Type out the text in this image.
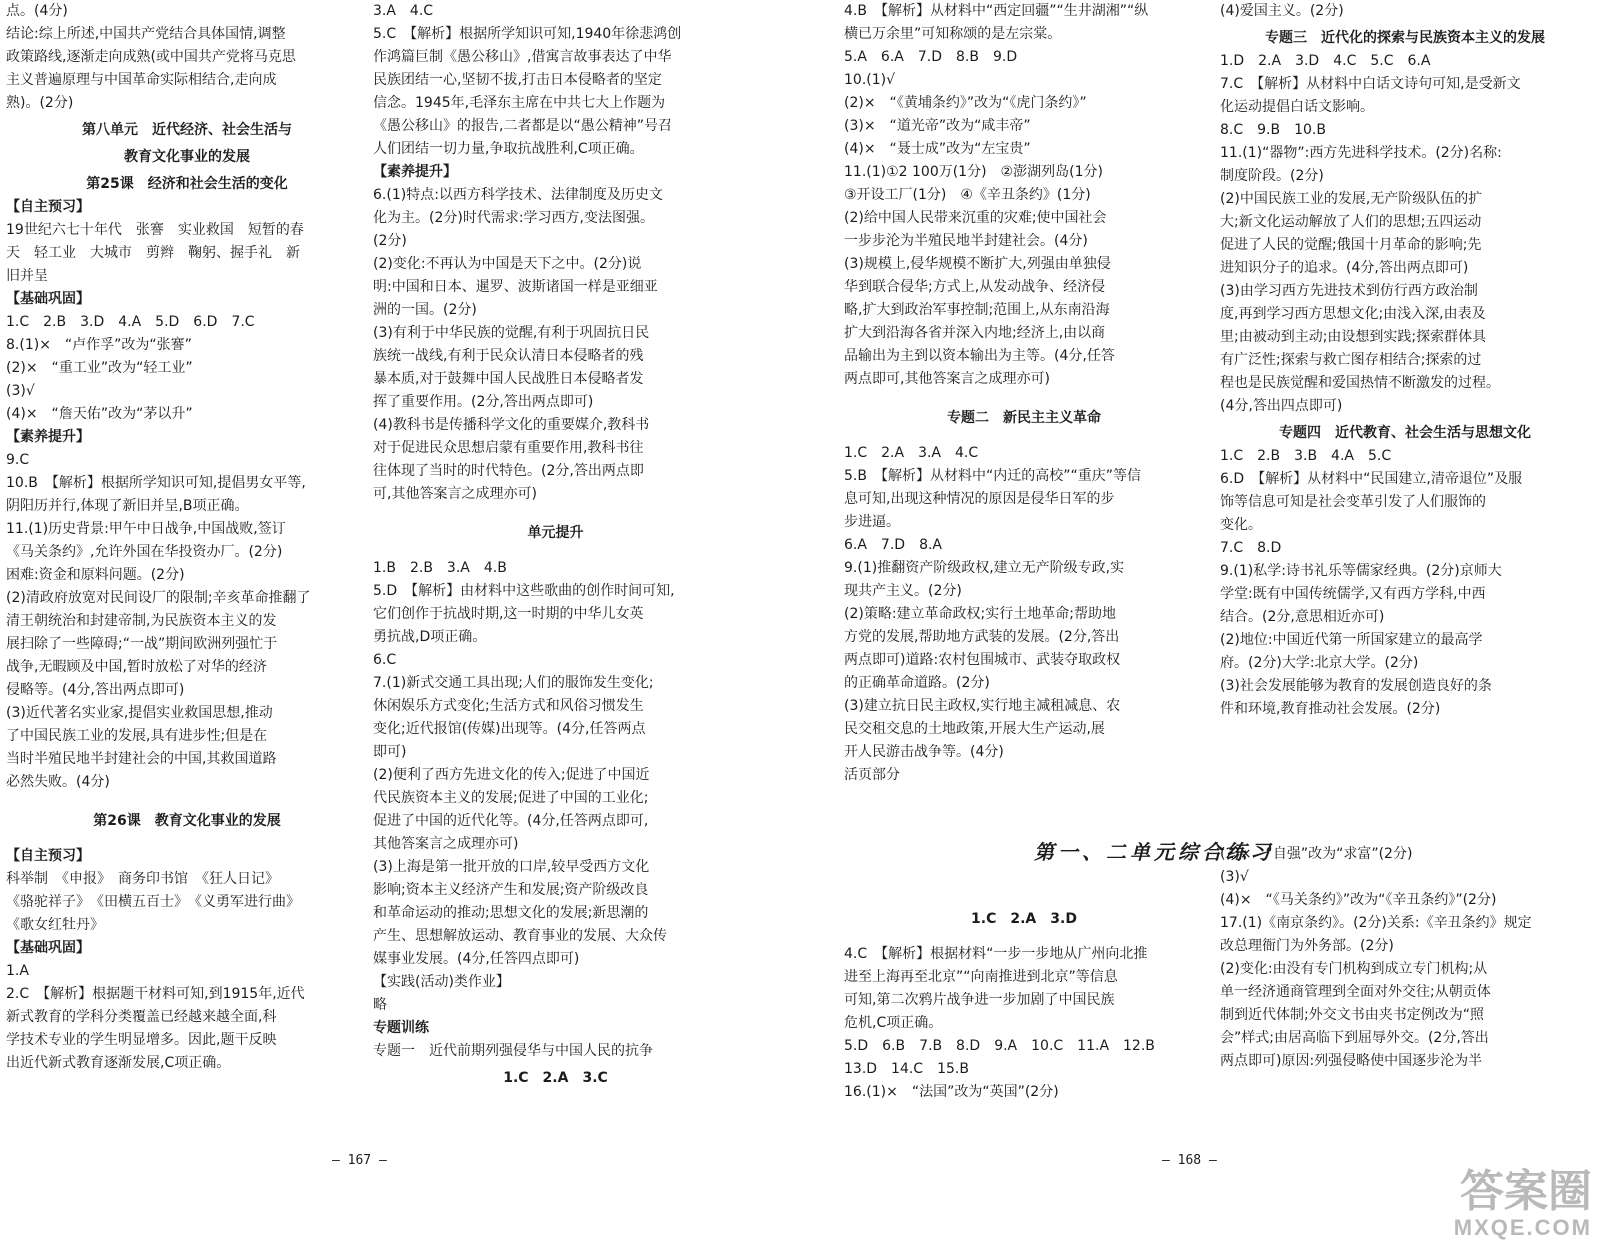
点。(4分)
结论:综上所述,中国共产党结合具体国情,调整
政策路线,逐渐走向成熟(或中国共产党将马克思
主义普遍原理与中国革命实际相结合,走向成
熟)。(2分)
第八单元　近代经济、社会生活与
教育文化事业的发展
第25课　经济和社会生活的变化
【自主预习】
19世纪六七十年代　张謇　实业救国　短暂的春
天　轻工业　大城市　剪辫　鞠躬、握手礼　新
旧并呈
【基础巩固】
1.C　2.B　3.D　4.A　5.D　6.D　7.C
8.(1)×　“卢作孚”改为“张謇”
(2)×　“重工业”改为“轻工业”
(3)√
(4)×　“詹天佑”改为“茅以升”
【素养提升】
9.C
10.B　【解析】根据所学知识可知,提倡男女平等,
阴阳历并行,体现了新旧并呈,B项正确。
11.(1)历史背景:甲午中日战争,中国战败,签订
《马关条约》,允许外国在华投资办厂。(2分)
困难:资金和原料问题。(2分)
(2)清政府放宽对民间设厂的限制;辛亥革命推翻了
清王朝统治和封建帝制,为民族资本主义的发
展扫除了一些障碍;“一战”期间欧洲列强忙于
战争,无暇顾及中国,暂时放松了对华的经济
侵略等。(4分,答出两点即可)
(3)近代著名实业家,提倡实业救国思想,推动
了中国民族工业的发展,具有进步性;但是在
当时半殖民地半封建社会的中国,其救国道路
必然失败。(4分)
第26课　教育文化事业的发展
【自主预习】
科举制　《申报》　商务印书馆　《狂人日记》
《骆驼祥子》　《田横五百士》　《义勇军进行曲》
《歌女红牡丹》
【基础巩固】
1.A
2.C　【解析】根据题干材料可知,到1915年,近代
新式教育的学科分类覆盖已经越来越全面,科
学技术专业的学生明显增多。因此,题干反映
出近代新式教育逐渐发展,C项正确。
3.A　4.C
5.C　【解析】根据所学知识可知,1940年徐悲鸿创
作鸿篇巨制《愚公移山》,借寓言故事表达了中华
民族团结一心,坚韧不拔,打击日本侵略者的坚定
信念。1945年,毛泽东主席在中共七大上作题为
《愚公移山》的报告,二者都是以“愚公精神”号召
人们团结一切力量,争取抗战胜利,C项正确。
【素养提升】
6.(1)特点:以西方科学技术、法律制度及历史文
化为主。(2分)时代需求:学习西方,变法图强。
(2分)
(2)变化:不再认为中国是天下之中。(2分)说
明:中国和日本、暹罗、波斯诸国一样是亚细亚
洲的一国。(2分)
(3)有利于中华民族的觉醒,有利于巩固抗日民
族统一战线,有利于民众认清日本侵略者的残
暴本质,对于鼓舞中国人民战胜日本侵略者发
挥了重要作用。(2分,答出两点即可)
(4)教科书是传播科学文化的重要媒介,教科书
对于促进民众思想启蒙有重要作用,教科书往
往体现了当时的时代特色。(2分,答出两点即
可,其他答案言之成理亦可)
单元提升
1.B　2.B　3.A　4.B
5.D　【解析】由材料中这些歌曲的创作时间可知,
它们创作于抗战时期,这一时期的中华儿女英
勇抗战,D项正确。
6.C
7.(1)新式交通工具出现;人们的服饰发生变化;
休闲娱乐方式变化;生活方式和风俗习惯发生
变化;近代报馆(传媒)出现等。(4分,任答两点
即可)
(2)便利了西方先进文化的传入;促进了中国近
代民族资本主义的发展;促进了中国的工业化;
促进了中国的近代化等。(4分,任答两点即可,
其他答案言之成理亦可)
(3)上海是第一批开放的口岸,较早受西方文化
影响;资本主义经济产生和发展;资产阶级改良
和革命运动的推动;思想文化的发展;新思潮的
产生、思想解放运动、教育事业的发展、大众传
媒事业发展。(4分,任答四点即可)
【实践(活动)类作业】
略
专题训练
专题一　近代前期列强侵华与中国人民的抗争
1.C　2.A　3.C
– 167 –
4.B　【解析】从材料中“西定回疆”“生井湖湘”“纵
横已万余里”可知称颂的是左宗棠。
5.A　6.A　7.D　8.B　9.D
10.(1)√
(2)×　“《黄埔条约》”改为“《虎门条约》”
(3)×　“道光帝”改为“咸丰帝”
(4)×　“聂士成”改为“左宝贵”
11.(1)①2 100万(1分)　②澎湖列岛(1分)
③开设工厂(1分)　④《辛丑条约》(1分)
(2)给中国人民带来沉重的灾难;使中国社会
一步步沦为半殖民地半封建社会。(4分)
(3)规模上,侵华规模不断扩大,列强由单独侵
华到联合侵华;方式上,从发动战争、经济侵
略,扩大到政治军事控制;范围上,从东南沿海
扩大到沿海各省并深入内地;经济上,由以商
品输出为主到以资本输出为主等。(4分,任答
两点即可,其他答案言之成理亦可)
专题二　新民主主义革命
1.C　2.A　3.A　4.C
5.B　【解析】从材料中“内迁的高校”“重庆”等信
息可知,出现这种情况的原因是侵华日军的步
步进逼。
6.A　7.D　8.A
9.(1)推翻资产阶级政权,建立无产阶级专政,实
现共产主义。(2分)
(2)策略:建立革命政权;实行土地革命;帮助地
方党的发展,帮助地方武装的发展。(2分,答出
两点即可)道路:农村包围城市、武装夺取政权
的正确革命道路。(2分)
(3)建立抗日民主政权,实行地主减租减息、农
民交租交息的土地政策,开展大生产运动,展
开人民游击战争等。(4分)
活页部分
第一、二单元综合练习
1.C　2.A　3.D
4.C　【解析】根据材料“一步一步地从广州向北推
进至上海再至北京”“向南推进到北京”等信息
可知,第二次鸦片战争进一步加剧了中国民族
危机,C项正确。
5.D　6.B　7.B　8.D　9.A　10.C　11.A　12.B
13.D　14.C　15.B
16.(1)×　“法国”改为“英国”(2分)
(4)爱国主义。(2分)
专题三　近代化的探索与民族资本主义的发展
1.D　2.A　3.D　4.C　5.C　6.A
7.C　【解析】从材料中白话文诗句可知,是受新文
化运动提倡白话文影响。
8.C　9.B　10.B
11.(1)“器物”:西方先进科学技术。(2分)名称:
制度阶段。(2分)
(2)中国民族工业的发展,无产阶级队伍的扩
大;新文化运动解放了人们的思想;五四运动
促进了人民的觉醒;俄国十月革命的影响;先
进知识分子的追求。(4分,答出两点即可)
(3)由学习西方先进技术到仿行西方政治制
度,再到学习西方思想文化;由浅入深,由表及
里;由被动到主动;由设想到实践;探索群体具
有广泛性;探索与救亡图存相结合;探索的过
程也是民族觉醒和爱国热情不断激发的过程。
(4分,答出四点即可)
专题四　近代教育、社会生活与思想文化
1.C　2.B　3.B　4.A　5.C
6.D　【解析】从材料中“民国建立,清帝退位”及服
饰等信息可知是社会变革引发了人们服饰的
变化。
7.C　8.D
9.(1)私学:诗书礼乐等儒家经典。(2分)京师大
学堂:既有中国传统儒学,又有西方学科,中西
结合。(2分,意思相近亦可)
(2)地位:中国近代第一所国家建立的最高学
府。(2分)大学:北京大学。(2分)
(3)社会发展能够为教育的发展创造良好的条
件和环境,教育推动社会发展。(2分)
(2)×　“自强”改为“求富”(2分)
(3)√
(4)×　“《马关条约》”改为“《辛丑条约》”(2分)
17.(1)《南京条约》。(2分)关系:《辛丑条约》规定
改总理衙门为外务部。(2分)
(2)变化:由没有专门机构到成立专门机构;从
单一经济通商管理到全面对外交往;从朝贡体
制到近代体制;外交文书由夹书定例改为“照
会”样式;由居高临下到屈辱外交。(2分,答出
两点即可)原因:列强侵略使中国逐步沦为半
– 168 –
答案圈
MXQE.COM
